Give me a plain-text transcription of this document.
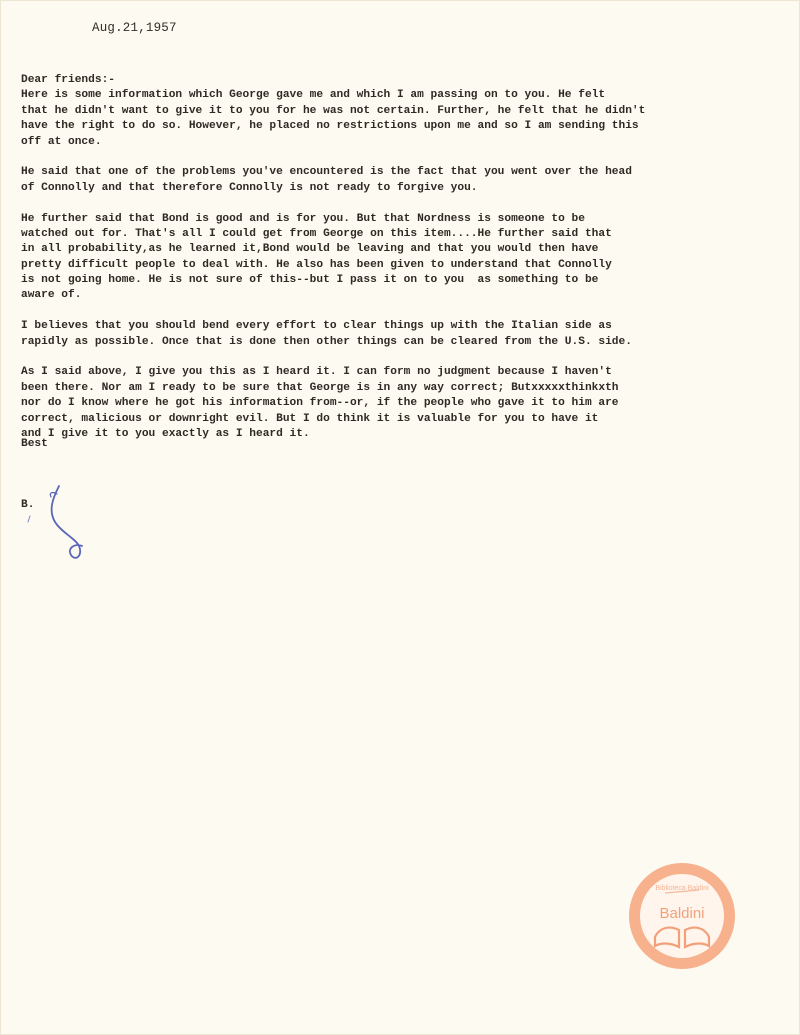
Aug.21,1957
Dear friends:-
Here is some information which George gave me and which I am passing on to you. He felt
that he didn't want to give it to you for he was not certain. Further, he felt that he didn't
have the right to do so. However, he placed no restrictions upon me and so I am sending this
off at once.
He said that one of the problems you've encountered is the fact that you went over the head
of Connolly and that therefore Connolly is not ready to forgive you.
He further said that Bond is good and is for you. But that Nordness is someone to be
watched out for. That's all I could get from George on this item....He further said that
in all probability,as he learned it,Bond would be leaving and that you would then have
pretty difficult people to deal with. He also has been given to understand that Connolly
is not going home. He is not sure of this--but I pass it on to you  as something to be
aware of.
I believes that you should bend every effort to clear things up with the Italian side as
rapidly as possible. Once that is done then other things can be cleared from the U.S. side.
As I said above, I give you this as I heard it. I can form no judgment because I haven't
been there. Nor am I ready to be sure that George is in any way correct; Butxxxxxthinkxth
nor do I know where he got his information from--or, if the people who gave it to him are
correct, malicious or downright evil. But I do think it is valuable for you to have it
and I give it to you exactly as I heard it.
Best
B.
Biblioteca Baldini
Baldini
